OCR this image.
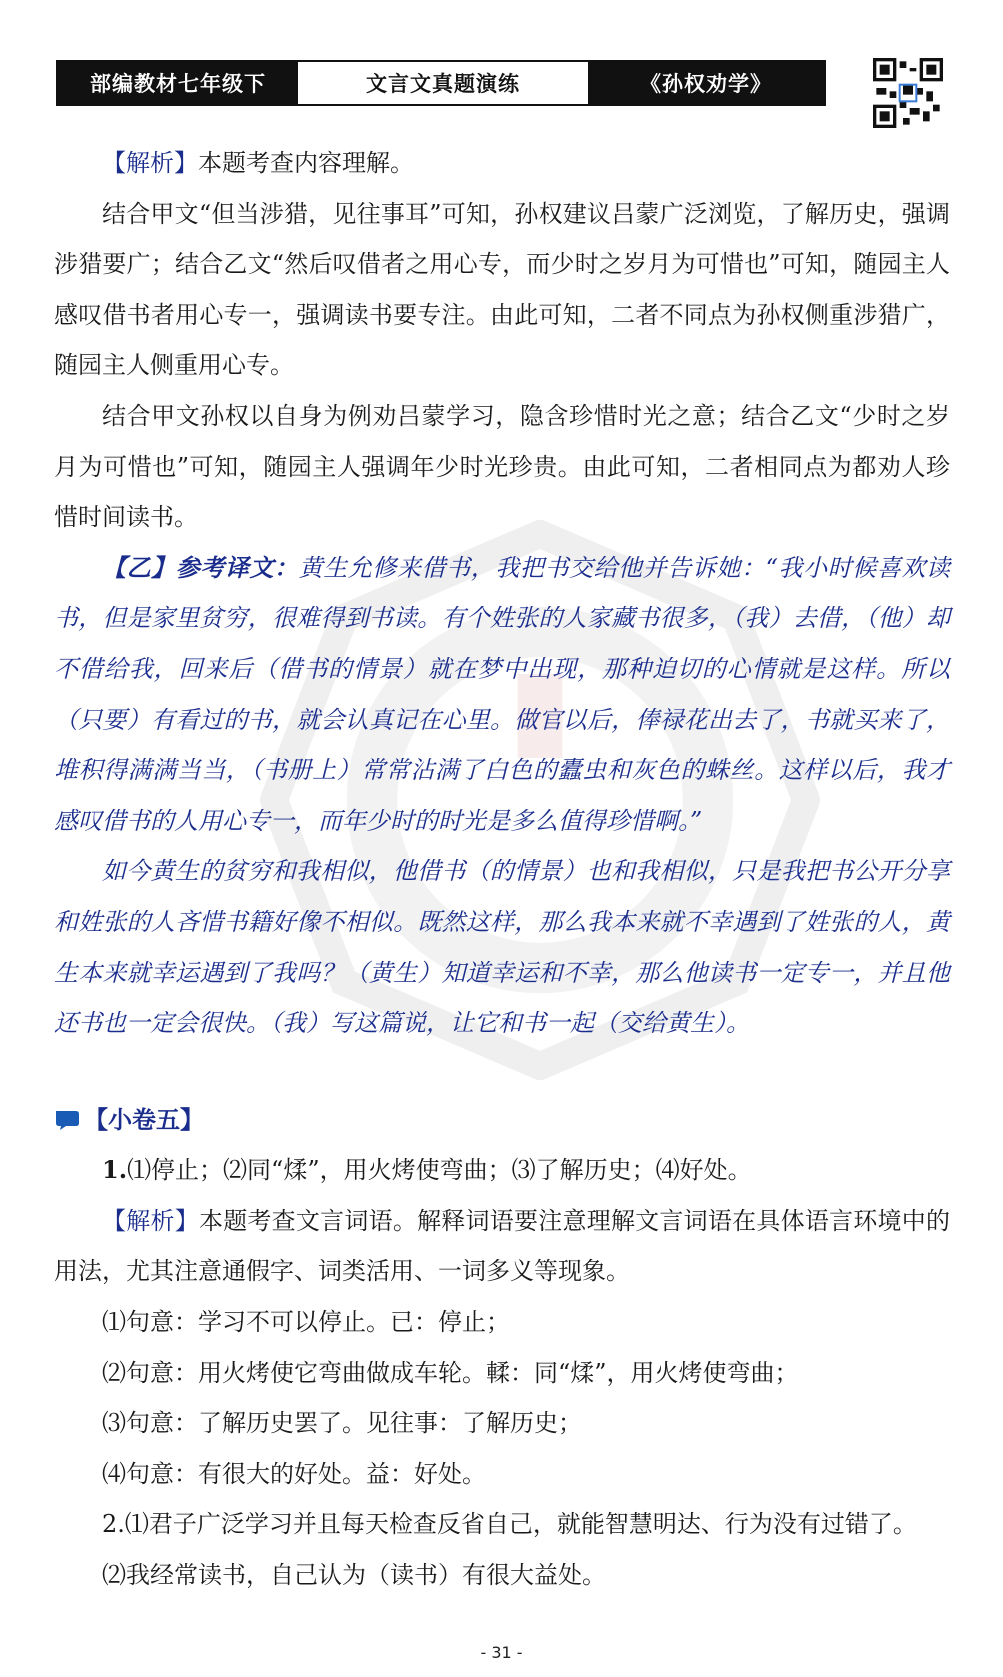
部编教材七年级下	文言文真题演练	《孙权劝学》

【解析】本题考查内容理解。

结合甲文“但当涉猎，见往事耳”可知，孙权建议吕蒙广泛浏览，了解历史，强调涉猎要广；结合乙文“然后叹借者之用心专，而少时之岁月为可惜也”可知，随园主人感叹借书者用心专一，强调读书要专注。由此可知，二者不同点为孙权侧重涉猎广，随园主人侧重用心专。

结合甲文孙权以自身为例劝吕蒙学习，隐含珍惜时光之意；结合乙文“少时之岁月为可惜也”可知，随园主人强调年少时光珍贵。由此可知，二者相同点为都劝人珍惜时间读书。

【乙】参考译文：黄生允修来借书，我把书交给他并告诉她：“我小时候喜欢读书，但是家里贫穷，很难得到书读。有个姓张的人家藏书很多，（我）去借，（他）却不借给我，回来后（借书的情景）就在梦中出现，那种迫切的心情就是这样。所以（只要）有看过的书，就会认真记在心里。做官以后，俸禄花出去了，书就买来了，堆积得满满当当，（书册上）常常沾满了白色的蠹虫和灰色的蛛丝。这样以后，我才感叹借书的人用心专一，而年少时的时光是多么值得珍惜啊。”

如今黄生的贫穷和我相似，他借书（的情景）也和我相似，只是我把书公开分享和姓张的人吝惜书籍好像不相似。既然这样，那么我本来就不幸遇到了姓张的人，黄生本来就幸运遇到了我吗？（黄生）知道幸运和不幸，那么他读书一定专一，并且他还书也一定会很快。（我）写这篇说，让它和书一起（交给黄生）。

【小卷五】

1.⑴停止；⑵同“煣”，用火烤使弯曲；⑶了解历史；⑷好处。

【解析】本题考查文言词语。解释词语要注意理解文言词语在具体语言环境中的用法，尤其注意通假字、词类活用、一词多义等现象。

⑴句意：学习不可以停止。已：停止；

⑵句意：用火烤使它弯曲做成车轮。輮：同“煣”，用火烤使弯曲；

⑶句意：了解历史罢了。见往事：了解历史；

⑷句意：有很大的好处。益：好处。

2.⑴君子广泛学习并且每天检查反省自己，就能智慧明达、行为没有过错了。

⑵我经常读书，自己认为（读书）有很大益处。

- 31 -
